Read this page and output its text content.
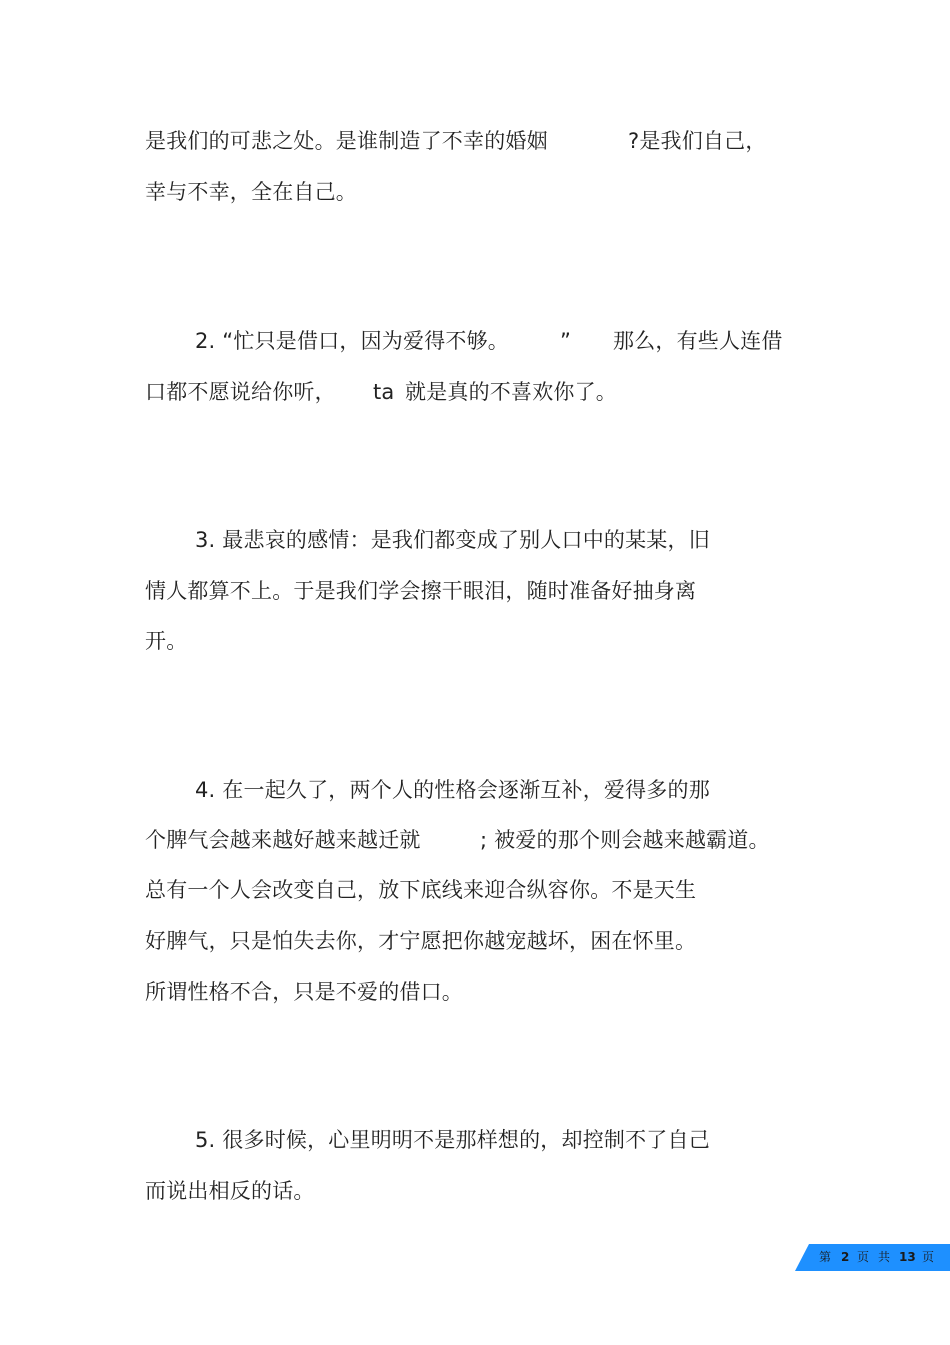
是我们的可悲之处。是谁制造了不幸的婚姻	?是我们自己，
幸与不幸，全在自己。
2. “忙只是借口，因为爱得不够。 ” 那么，有些人连借
口都不愿说给你听， ta 就是真的不喜欢你了。
3. 最悲哀的感情：是我们都变成了别人口中的某某，旧
情人都算不上。于是我们学会擦干眼泪，随时准备好抽身离
开。
4. 在一起久了，两个人的性格会逐渐互补，爱得多的那
个脾气会越来越好越来越迁就	; 被爱的那个则会越来越霸道。
总有一个人会改变自己，放下底线来迎合纵容你。不是天生
好脾气，只是怕失去你，才宁愿把你越宠越坏，困在怀里。
所谓性格不合，只是不爱的借口。
5. 很多时候，心里明明不是那样想的，却控制不了自己
而说出相反的话。
第 2 页 共 13 页
